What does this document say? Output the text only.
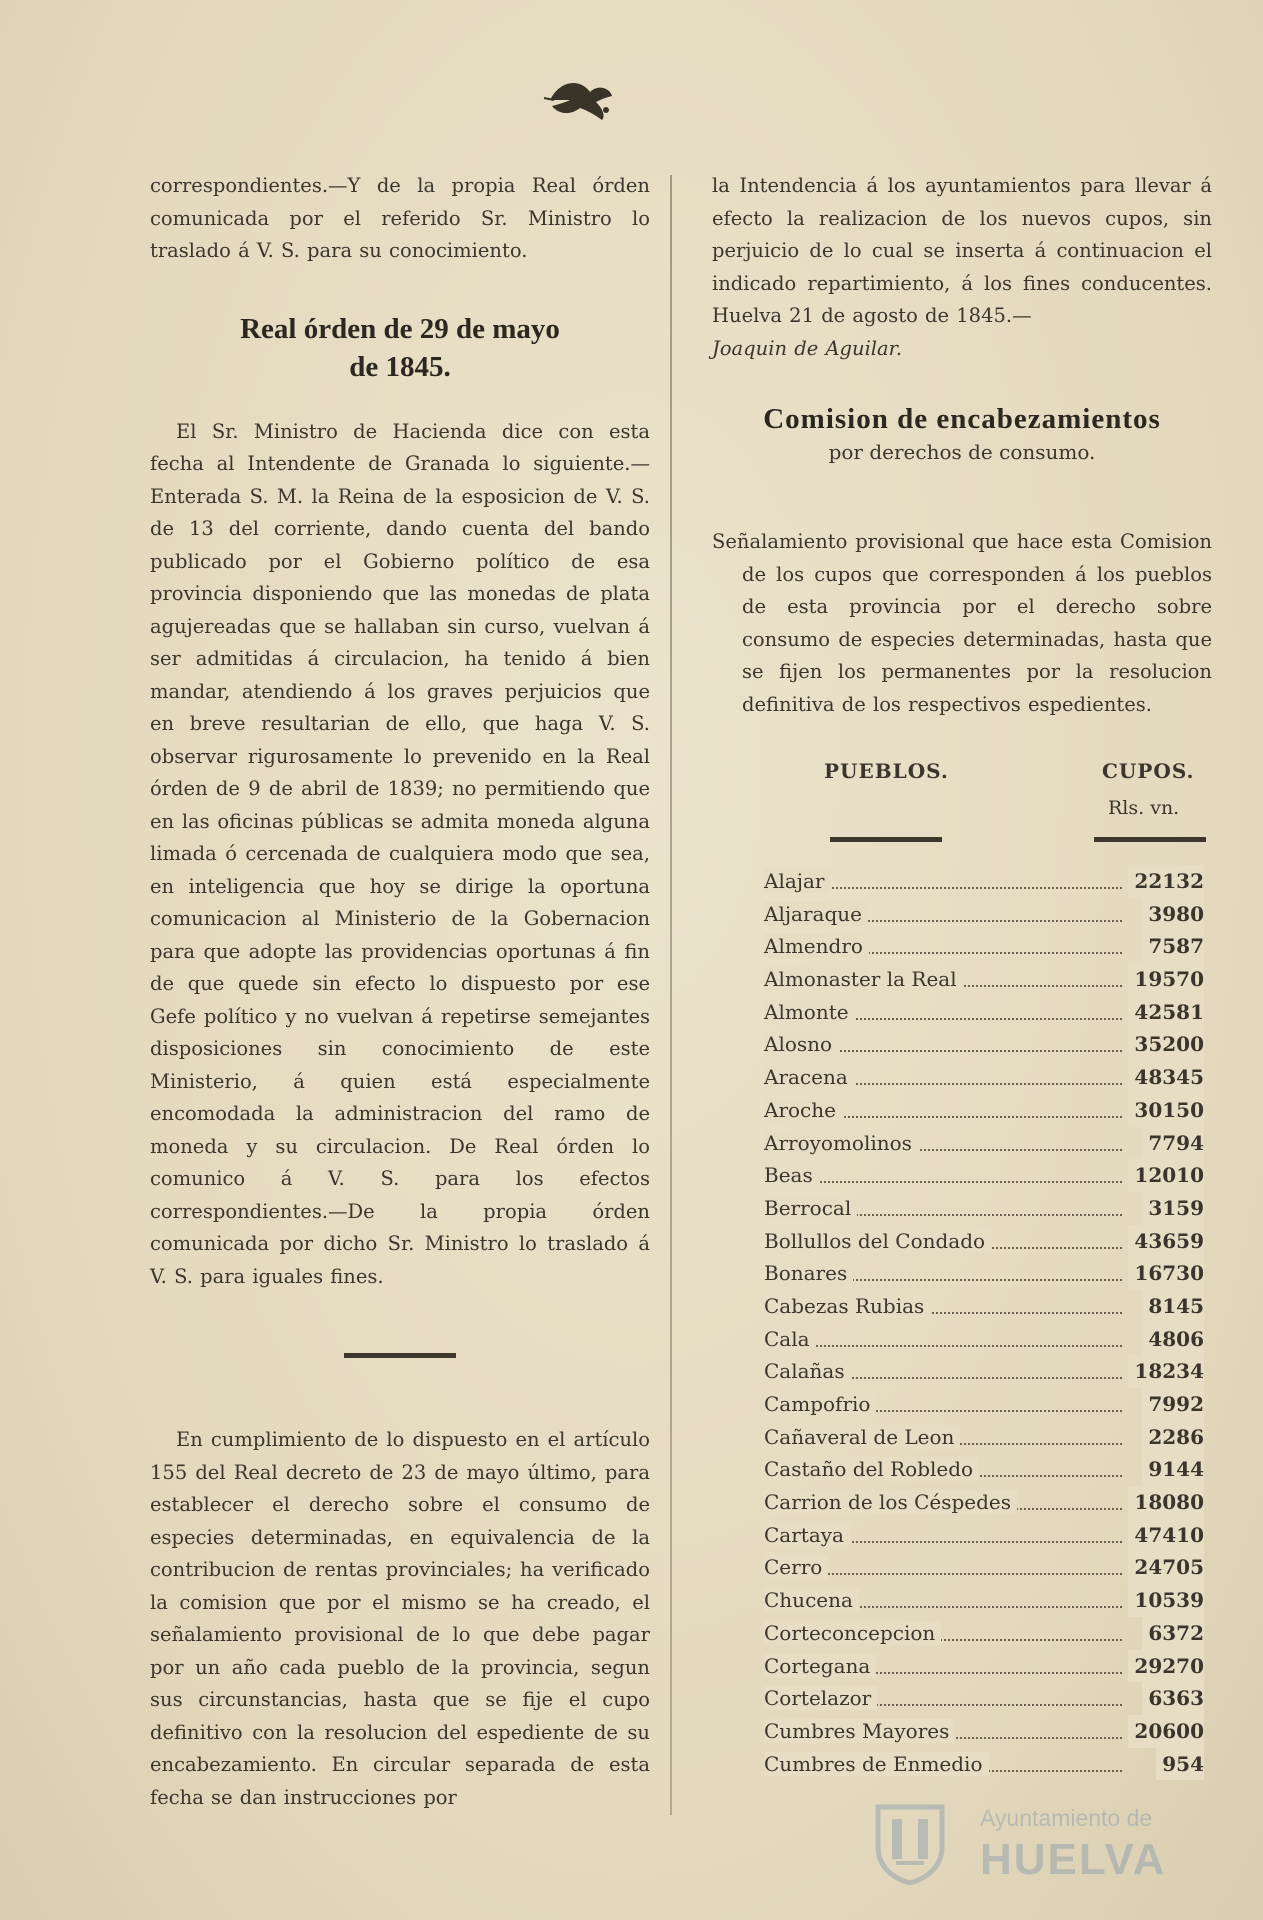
correspondientes.—Y de la propia Real órden comunicada por el referido Sr. Ministro lo traslado á V. S. para su conocimiento.

Real órden de 29 de mayo
de 1845.

El Sr. Ministro de Hacienda dice con esta fecha al Intendente de Granada lo siguiente.—Enterada S. M. la Reina de la esposicion de V. S. de 13 del corriente, dando cuenta del bando publicado por el Gobierno político de esa provincia disponiendo que las monedas de plata agujereadas que se hallaban sin curso, vuelvan á ser admitidas á circulacion, ha tenido á bien mandar, atendiendo á los graves perjuicios que en breve resultarian de ello, que haga V. S. observar rigurosamente lo prevenido en la Real órden de 9 de abril de 1839; no permitiendo que en las oficinas públicas se admita moneda alguna limada ó cercenada de cualquiera modo que sea, en inteligencia que hoy se dirige la oportuna comunicacion al Ministerio de la Gobernacion para que adopte las providencias oportunas á fin de que quede sin efecto lo dispuesto por ese Gefe político y no vuelvan á repetirse semejantes disposiciones sin conocimiento de este Ministerio, á quien está especialmente encomodada la administracion del ramo de moneda y su circulacion. De Real órden lo comunico á V. S. para los efectos correspondientes.—De la propia órden comunicada por dicho Sr. Ministro lo traslado á V. S. para iguales fines.

En cumplimiento de lo dispuesto en el artículo 155 del Real decreto de 23 de mayo último, para establecer el derecho sobre el consumo de especies determinadas, en equivalencia de la contribucion de rentas provinciales; ha verificado la comision que por el mismo se ha creado, el señalamiento provisional de lo que debe pagar por un año cada pueblo de la provincia, segun sus circunstancias, hasta que se fije el cupo definitivo con la resolucion del espediente de su encabezamiento. En circular separada de esta fecha se dan instrucciones por

la Intendencia á los ayuntamientos para llevar á efecto la realizacion de los nuevos cupos, sin perjuicio de lo cual se inserta á continuacion el indicado repartimiento, á los fines conducentes. Huelva 21 de agosto de 1845.—
Joaquin de Aguilar.

Comision de encabezamientos
por derechos de consumo.

Señalamiento provisional que hace esta Comision de los cupos que corresponden á los pueblos de esta provincia por el derecho sobre consumo de especies determinadas, hasta que se fijen los permanentes por la resolucion definitiva de los respectivos espedientes.

PUEBLOS.	CUPOS.
Rls. vn.
Alajar	22132
Aljaraque	3980
Almendro	7587
Almonaster la Real	19570
Almonte	42581
Alosno	35200
Aracena	48345
Aroche	30150
Arroyomolinos	7794
Beas	12010
Berrocal	3159
Bollullos del Condado	43659
Bonares	16730
Cabezas Rubias	8145
Cala	4806
Calañas	18234
Campofrio	7992
Cañaveral de Leon	2286
Castaño del Robledo	9144
Carrion de los Céspedes	18080
Cartaya	47410
Cerro	24705
Chucena	10539
Corteconcepcion	6372
Cortegana	29270
Cortelazor	6363
Cumbres Mayores	20600
Cumbres de Enmedio	954
Ayuntamiento de
HUELVA
